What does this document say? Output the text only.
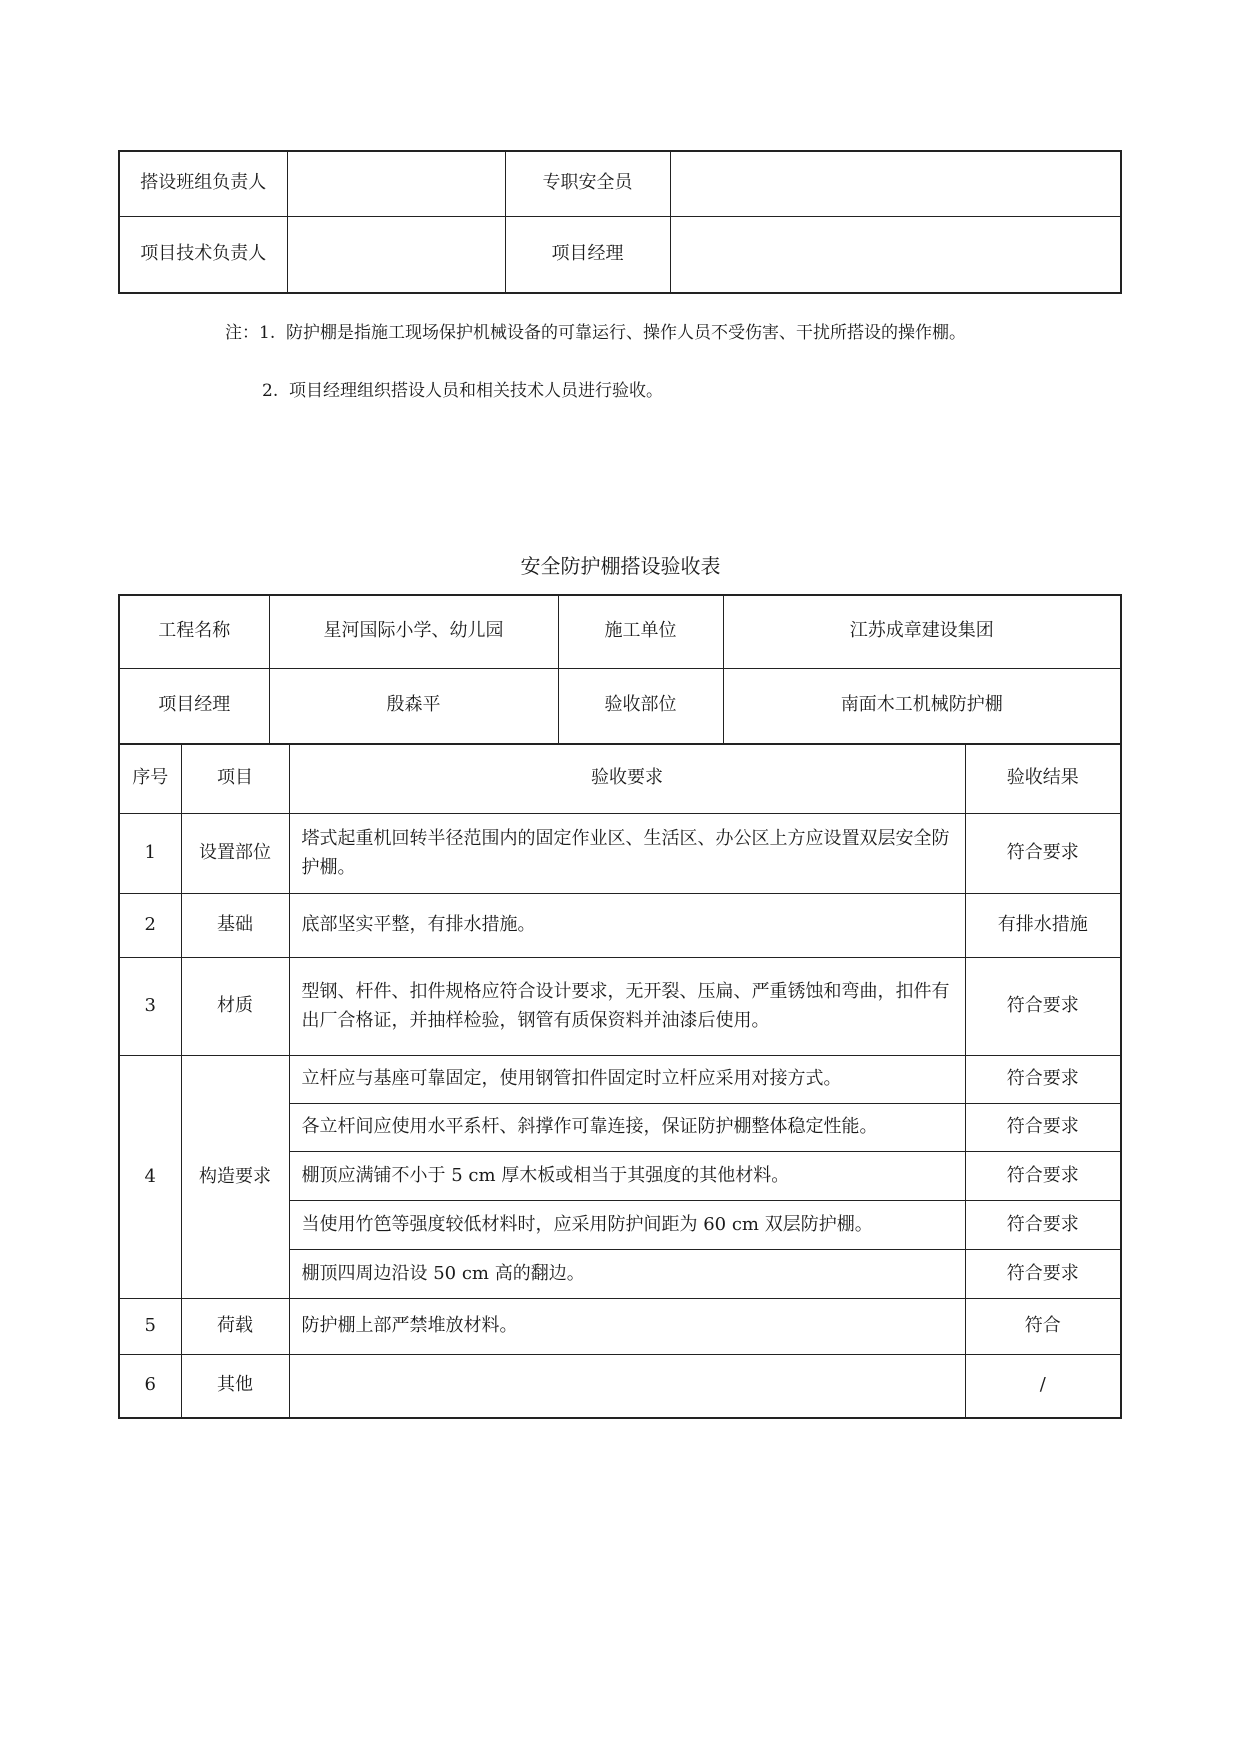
搭设班组负责人		专职安全员	
项目技术负责人		项目经理	
注：1. 防护棚是指施工现场保护机械设备的可靠运行、操作人员不受伤害、干扰所搭设的操作棚。
2. 项目经理组织搭设人员和相关技术人员进行验收。
安全防护棚搭设验收表
工程名称	星河国际小学、幼儿园	施工单位	江苏成章建设集团
项目经理	殷森平	验收部位	南面木工机械防护棚
序号	项目	验收要求	验收结果
1	设置部位	塔式起重机回转半径范围内的固定作业区、生活区、办公区上方应设置双层安全防护棚。	符合要求
2	基础	底部坚实平整，有排水措施。	有排水措施
3	材质	型钢、杆件、扣件规格应符合设计要求，无开裂、压扁、严重锈蚀和弯曲，扣件有出厂合格证，并抽样检验，钢管有质保资料并油漆后使用。	符合要求
4	构造要求	立杆应与基座可靠固定，使用钢管扣件固定时立杆应采用对接方式。	符合要求
		各立杆间应使用水平系杆、斜撑作可靠连接，保证防护棚整体稳定性能。	符合要求
		棚顶应满铺不小于 5 cm 厚木板或相当于其强度的其他材料。	符合要求
		当使用竹笆等强度较低材料时，应采用防护间距为 60 cm 双层防护棚。	符合要求
		棚顶四周边沿设 50 cm 高的翻边。	符合要求
5	荷载	防护棚上部严禁堆放材料。	符合
6	其他		/
